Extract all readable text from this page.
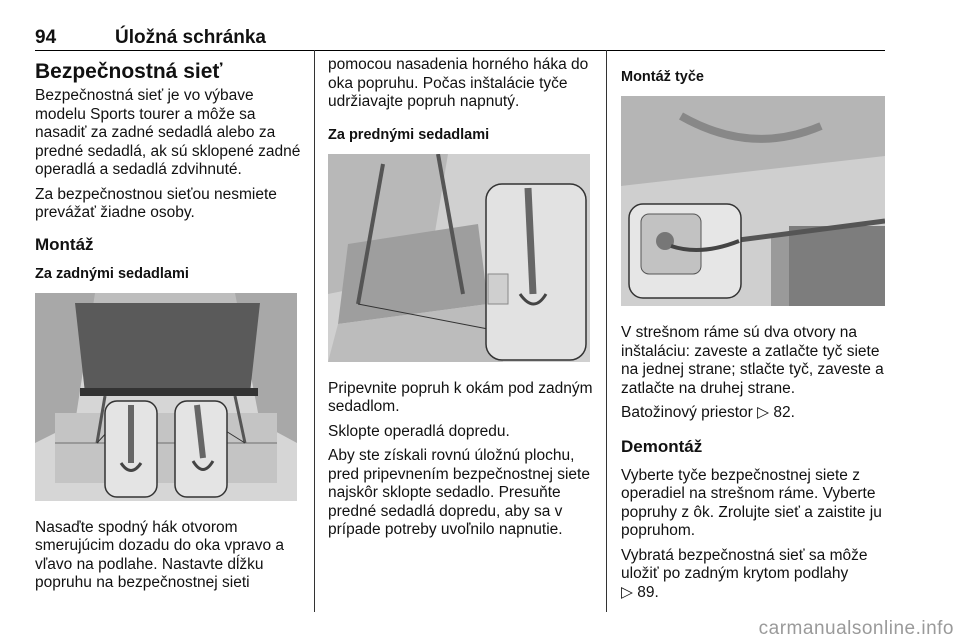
94	Úložná schránka
Bezpečnostná sieť

Bezpečnostná sieť je vo výbave modelu Sports tourer a môže sa nasadiť za zadné sedadlá alebo za predné sedadlá, ak sú sklopené zadné operadlá a sedadlá zdvihnuté.

Za bezpečnostnou sieťou nesmiete prevážať žiadne osoby.

Montáž
Za zadnými sedadlami

Nasaďte spodný hák otvorom smerujúcim dozadu do oka vpravo a vľavo na podlahe. Nastavte dĺžku popruhu na bezpečnostnej sieti

pomocou nasadenia horného háka do oka popruhu. Počas inštalácie tyče udržiavajte popruh napnutý.

Za prednými sedadlami

Pripevnite popruh k okám pod zadným sedadlom.

Sklopte operadlá dopredu.

Aby ste získali rovnú úložnú plochu, pred pripevnením bezpečnostnej siete najskôr sklopte sedadlo. Presuňte predné sedadlá dopredu, aby sa v prípade potreby uvoľnilo napnutie.

Montáž tyče

V strešnom ráme sú dva otvory na inštaláciu: zaveste a zatlačte tyč siete na jednej strane; stlačte tyč, zaveste a zatlačte na druhej strane.

Batožinový priestor ▷ 82.

Demontáž

Vyberte tyče bezpečnostnej siete z operadiel na strešnom ráme. Vyberte popruhy z ôk. Zrolujte sieť a zaistite ju popruhom.

Vybratá bezpečnostná sieť sa môže uložiť po zadným krytom podlahy
▷ 89.

carmanualsonline.info
